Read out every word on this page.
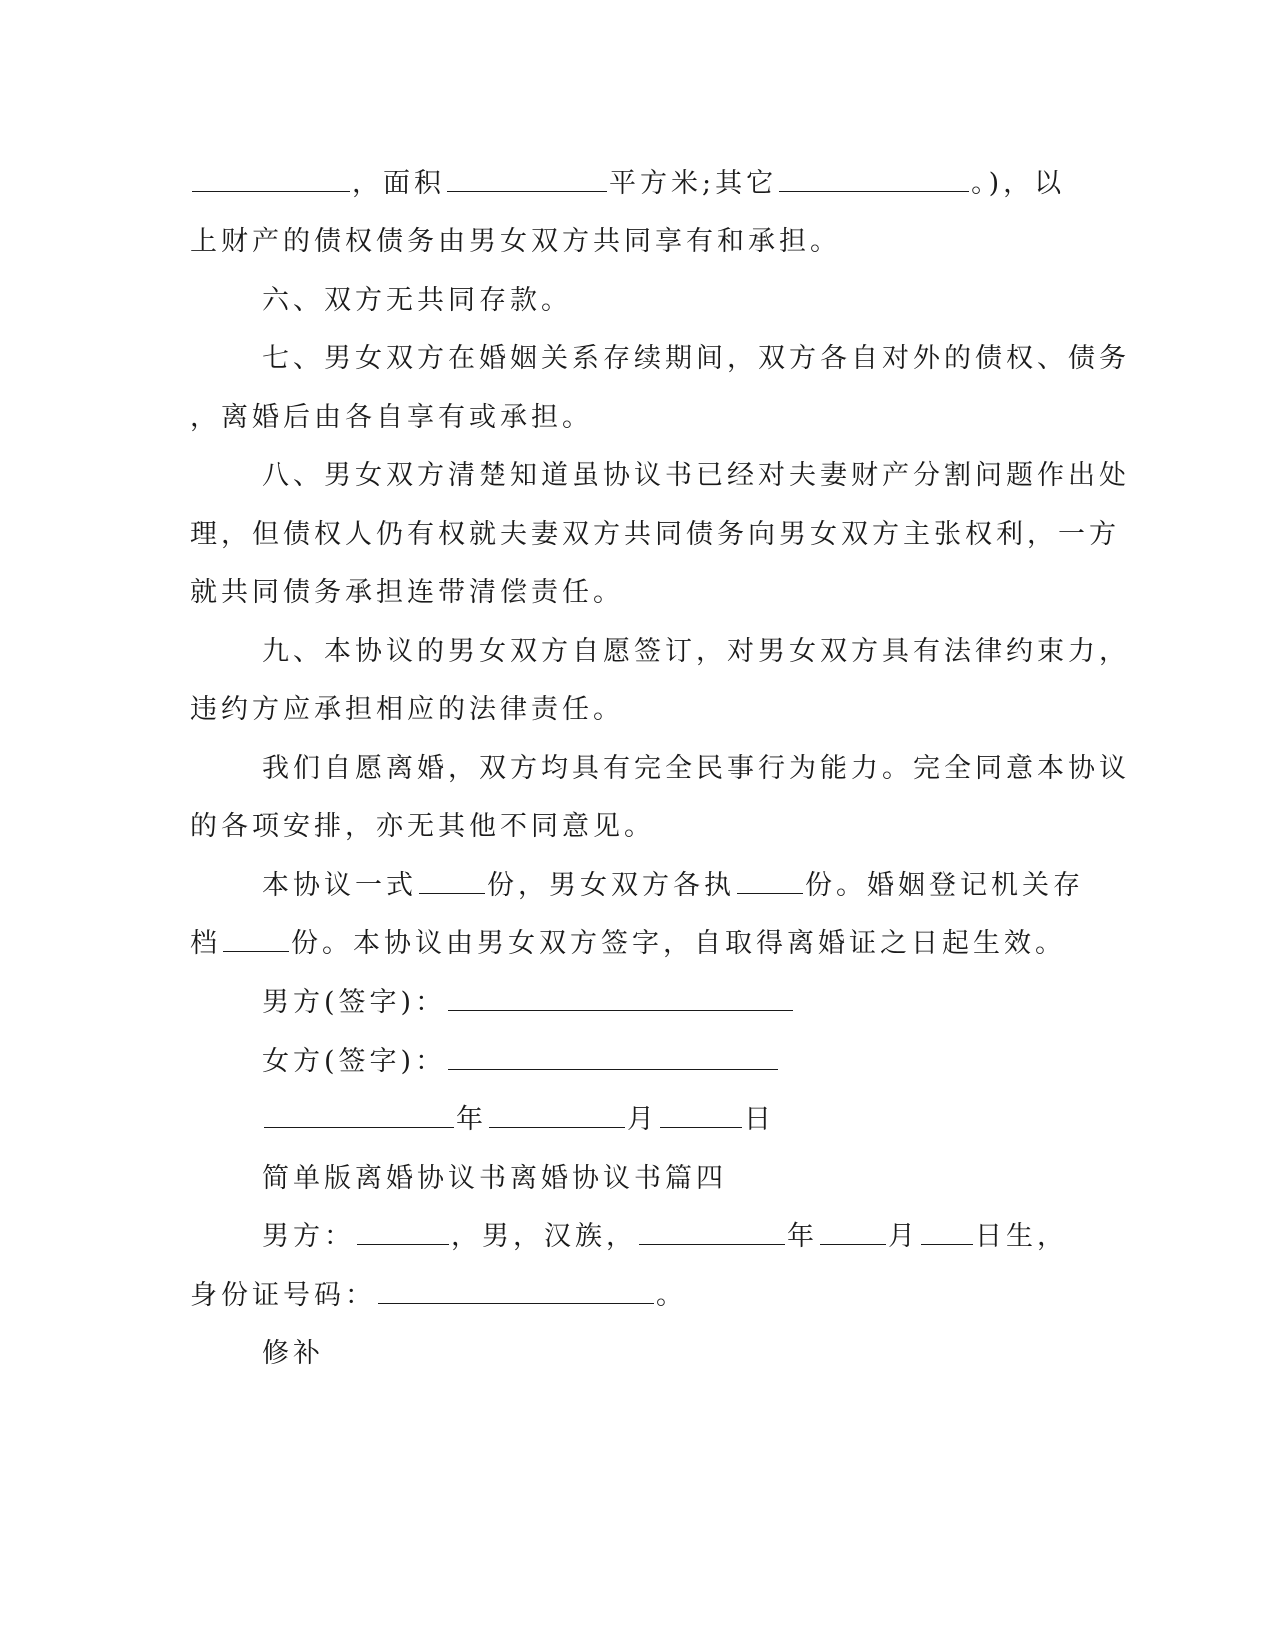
，面积	平方米;其它	。)，以
上财产的债权债务由男女双方共同享有和承担。
六、双方无共同存款。
七、男女双方在婚姻关系存续期间，双方各自对外的债权、债务
，离婚后由各自享有或承担。
八、男女双方清楚知道虽协议书已经对夫妻财产分割问题作出处
理，但债权人仍有权就夫妻双方共同债务向男女双方主张权利，一方
就共同债务承担连带清偿责任。
九、本协议的男女双方自愿签订，对男女双方具有法律约束力，
违约方应承担相应的法律责任。
我们自愿离婚，双方均具有完全民事行为能力。完全同意本协议
的各项安排，亦无其他不同意见。
本协议一式	份，男女双方各执	份。婚姻登记机关存
档	份。本协议由男女双方签字，自取得离婚证之日起生效。
男方(签字)：
女方(签字)：
年	月	日
简单版离婚协议书离婚协议书篇四
男方：	，男，汉族，	年	月 日生，
身份证号码：	。
修补
